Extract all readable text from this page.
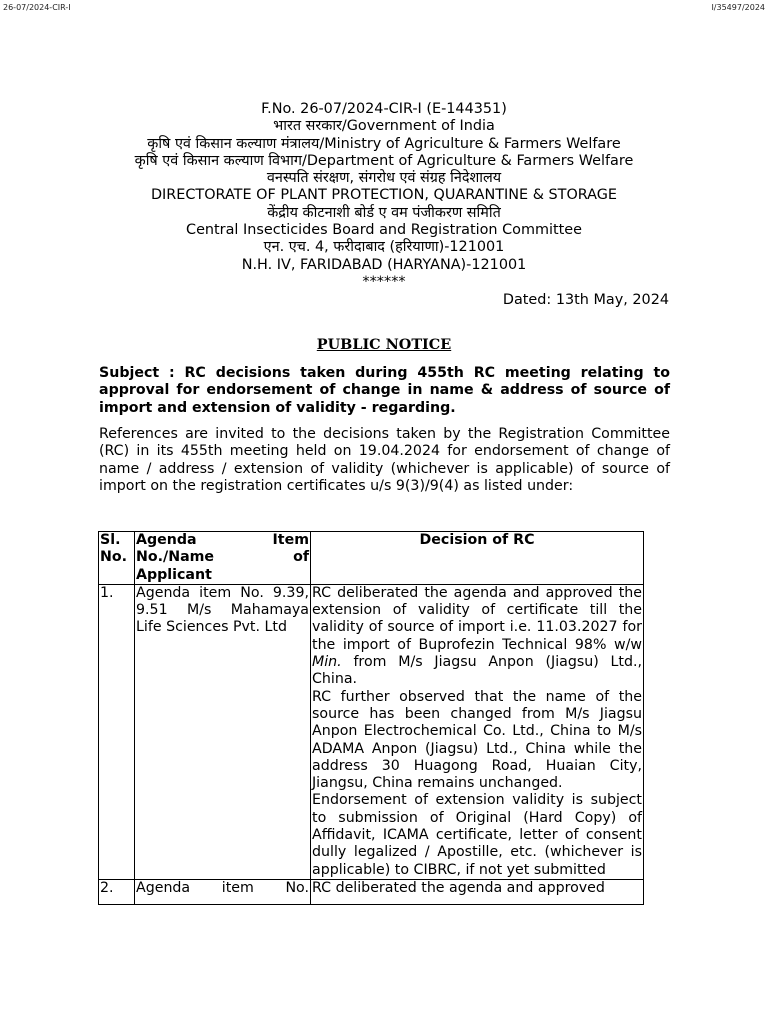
26-07/2024-CIR-I	I/35497/2024
F.No. 26-07/2024-CIR-I (E-144351)
भारत सरकार/Government of India
कृषि एवं किसान कल्याण मंत्रालय/Ministry of Agriculture & Farmers Welfare
कृषि एवं किसान कल्याण विभाग/Department of Agriculture & Farmers Welfare
वनस्पति संरक्षण, संगरोध एवं संग्रह निदेशालय
DIRECTORATE OF PLANT PROTECTION, QUARANTINE & STORAGE
केंद्रीय कीटनाशी बोर्ड ए वम पंजीकरण समिति
Central Insecticides Board and Registration Committee
एन. एच. 4, फरीदाबाद (हरियाणा)-121001
N.H. IV, FARIDABAD (HARYANA)-121001
******
Dated: 13th May, 2024
PUBLIC NOTICE
Subject : RC decisions taken during 455th RC meeting relating to approval for endorsement of change in name & address of source of import and extension of validity - regarding.
References are invited to the decisions taken by the Registration Committee (RC) in its 455th meeting held on 19.04.2024 for endorsement of change of name / address / extension of validity (whichever is applicable) of source of import on the registration certificates u/s 9(3)/9(4) as listed under:
Sl. No.	Agenda Item No./Name of Applicant	Decision of RC
1.	Agenda item No. 9.39, 9.51 M/s Mahamaya Life Sciences Pvt. Ltd	RC deliberated the agenda and approved the extension of validity of certificate till the validity of source of import i.e. 11.03.2027 for the import of Buprofezin Technical 98% w/w Min. from M/s Jiagsu Anpon (Jiagsu) Ltd., China.
RC further observed that the name of the source has been changed from M/s Jiagsu Anpon Electrochemical Co. Ltd., China to M/s ADAMA Anpon (Jiagsu) Ltd., China while the address 30 Huagong Road, Huaian City, Jiangsu, China remains unchanged.
Endorsement of extension validity is subject to submission of Original (Hard Copy) of Affidavit, ICAMA certificate, letter of consent dully legalized / Apostille, etc. (whichever is applicable) to CIBRC, if not yet submitted

2.	Agenda item No.	RC deliberated the agenda and approved
